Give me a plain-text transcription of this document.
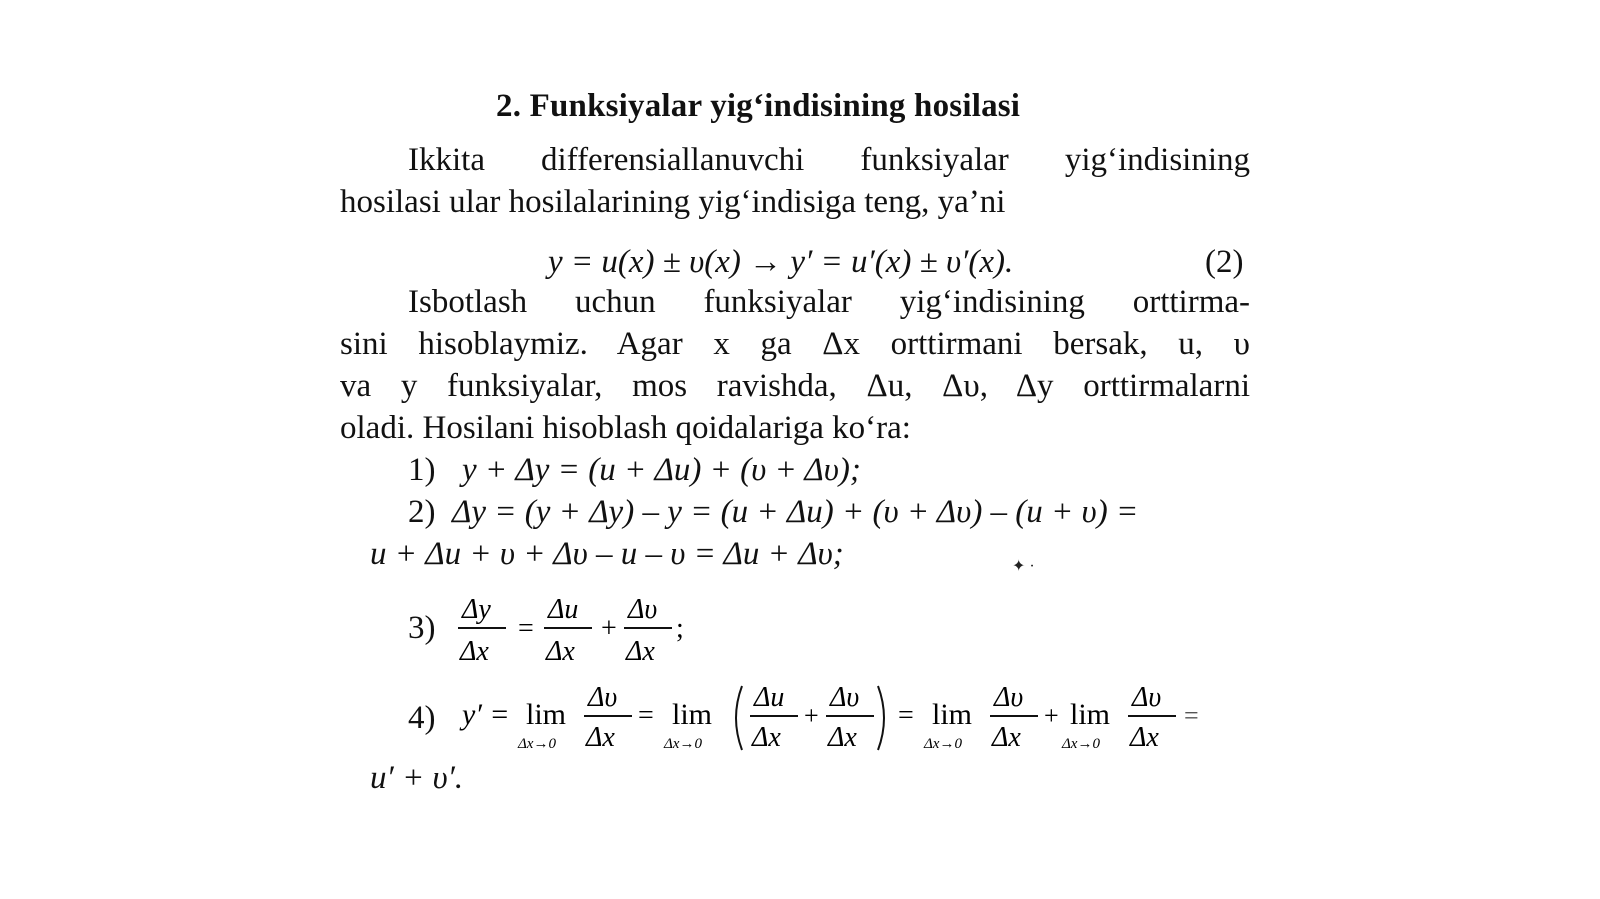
2. Funksiyalar yig‘indisining hosilasi
Ikkita differensiallanuvchi funksiyalar yig‘indisining
hosilasi ular hosilalarining yig‘indisiga teng, ya’ni
y = u(x) ± υ(x) → y′ = u′(x) ± υ′(x).	(2)
Isbotlash uchun funksiyalar yig‘indisining orttirma-
sini hisoblaymiz. Agar x ga Δx orttirmani bersak, u, υ
va y funksiyalar, mos ravishda, Δu, Δυ, Δy orttirmalarni
oladi. Hosilani hisoblash qoidalariga ko‘ra:
1) y + Δy = (u + Δu) + (υ + Δυ);
2) Δy = (y + Δy) – y = (u + Δu) + (υ + Δυ) – (u + υ) =
u + Δu + υ + Δυ – u – υ = Δu + Δυ;	✦ ·
3)
Δy
Δx
=
Δu
Δx
+
Δυ
Δx
;
4) y′ = lim
Δx→0
Δυ
Δx
= lim
Δx→0
Δu
Δx
+
Δυ
Δx
= lim
Δx→0
Δυ
Δx
+ lim
Δx→0
Δυ
Δx
=
u′ + υ′.
